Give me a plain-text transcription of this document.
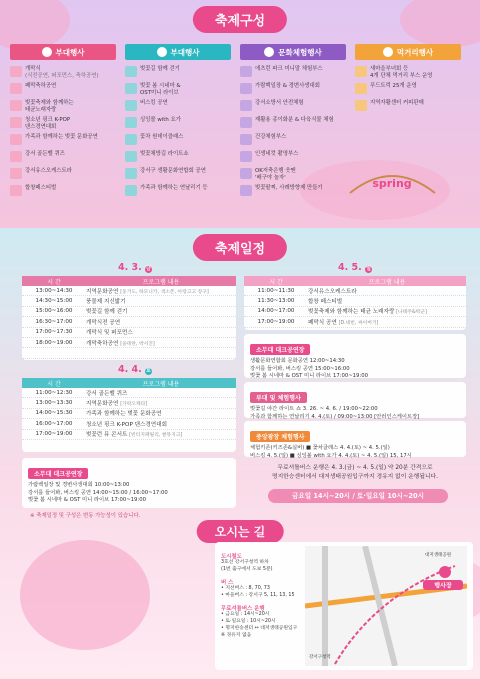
축제구성
부대행사	부대행사	문화체험행사	먹거리행사
개막식
(식전공연, 퍼포먼스, 축하공연)
폐막축하공연
벚꽃축제와 함께하는
태균노래자랑
청소년 핑크 K-POP
댄스경연대회
가족과 함께하는 벚꽃 문화공연
강서 골든벨 퀴즈
강서유스오케스트라
합창페스티벌
벚꽃길 함께 걷기
벚꽃 봄 시네마 &
OST미니 라이브
버스킹 공연
싱잉볼 with 요가
꽃차 원데이클래스
벚꽃채방길 라이트쇼
강서구 생활문화연합회 공연
가족과 함께하는 연날리기 등
에츠런 파크 미니말 체험부스
가람백일장 & 경변사생대회
강서소방서 안전체험
재활용 종이화분 & 다육식물 체험
건강체험부스
인생네컷 촬영부스
OK저축은행 읏맨
'배구야 놀자'
벚꽃팔찌, 사례방향제 만들기
새마을부녀회 등
4개 단체 먹거리 부스 운영
푸드트럭 25개 운영
지역자활센터 커피판매
spring
축제일정
4. 3. 금
시 간	프로그램 내용
13:00~14:30	지역문화공연 [동거도, 하모니카, 색소폰, 아랑고고 장구]
14:30~15:00	풍물제 지신밟기
15:00~16:00	벚꽃길 함께 걷기
16:30~17:00	개막식전 공연
17:00~17:30	개막식 및 퍼포먼스
18:00~19:00	개막축하공연 [을테란, 박서진]
4. 4. 토
시 간	프로그램 내용
11:00~12:30	강서 골든벨 퀴즈
13:00~13:30	지역문화공연 [가락오케타]
14:00~15:30	가족과 함께하는 벚꽃 문화공연
16:00~17:00	청소년 핑크 K-POP 댄스경연대회
17:00~19:00	벚꽃런 뮤 콘서트 [빈티지패틸리, 쌀뮤지크]
소무대 대크공연장
가람백일장 및 경변사생대회 10:00~13:00
강서를 들어봐, 버스킹 공연 14:00~15:00 / 16:00~17:00
벚꽃 봄 시네마 & OST 미니 라이브 17:00~19:00
※ 축제일정 및 구성은 변동 가능성이 있습니다.
4. 5. 일
시 간	프로그램 내용
11:00~11:30	강서유스오케스트라
11:30~13:00	합창 페스티벌
14:00~17:00	벚꽃축제와 함께하는 태균 노래자랑 [나태주&박군]
17:00~19:00	폐막식 공연 [D.네빈, 싸이버거]
소무대 대크공연장
생활문화연합회 문화공연 12:00~14:30
강서를 들어봐, 버스킹 공연 15:00~16:00
벚꽃 봄 시네마 & OST 미니 라이브 17:00~19:00
부대 및 체험행사
벚꽃길 야간 라이트 쇼 3. 26. ~ 4. 6. / 19:00~22:00
가족과 함께하는 연날리기 4. 4.(토) / 09:00~13:00 [안러인스케이트장]
중앙광장 체험행사
체험키존(키즈존&실버) ■ 꽃차클래스 4. 4.(토) ~ 4. 5.(일)
버스킹 4. 5.(일) ■ 싱잉볼 with 요가 4. 4.(토) ~ 4. 5.(일) 15, 17시
무료셔틀버스 운행은 4. 3.(금) ~ 4. 5.(일) 약 20분 간격으로
명지한승센터에서 대저생태공원입구까지 경유지 없이 운행됩니다.
금요일 14시~20시 / 토·일요일 10시~20시
오시는 길
도시철도
3호선 강서구청역 하차
(1번 출구에서 도보 5분)
버 스
• 지선버스 : 8, 70, 73
• 마을버스 : 강서구 5, 11, 13, 15
무료셔틀버스 운행
• 금요일 : 14시~20시
• 토·일요일 : 10시~20시
• 명지한승센터 ↔ 대저생태공원입구
※ 경유지 없음
행사장
대저생태공원
강서구청역
